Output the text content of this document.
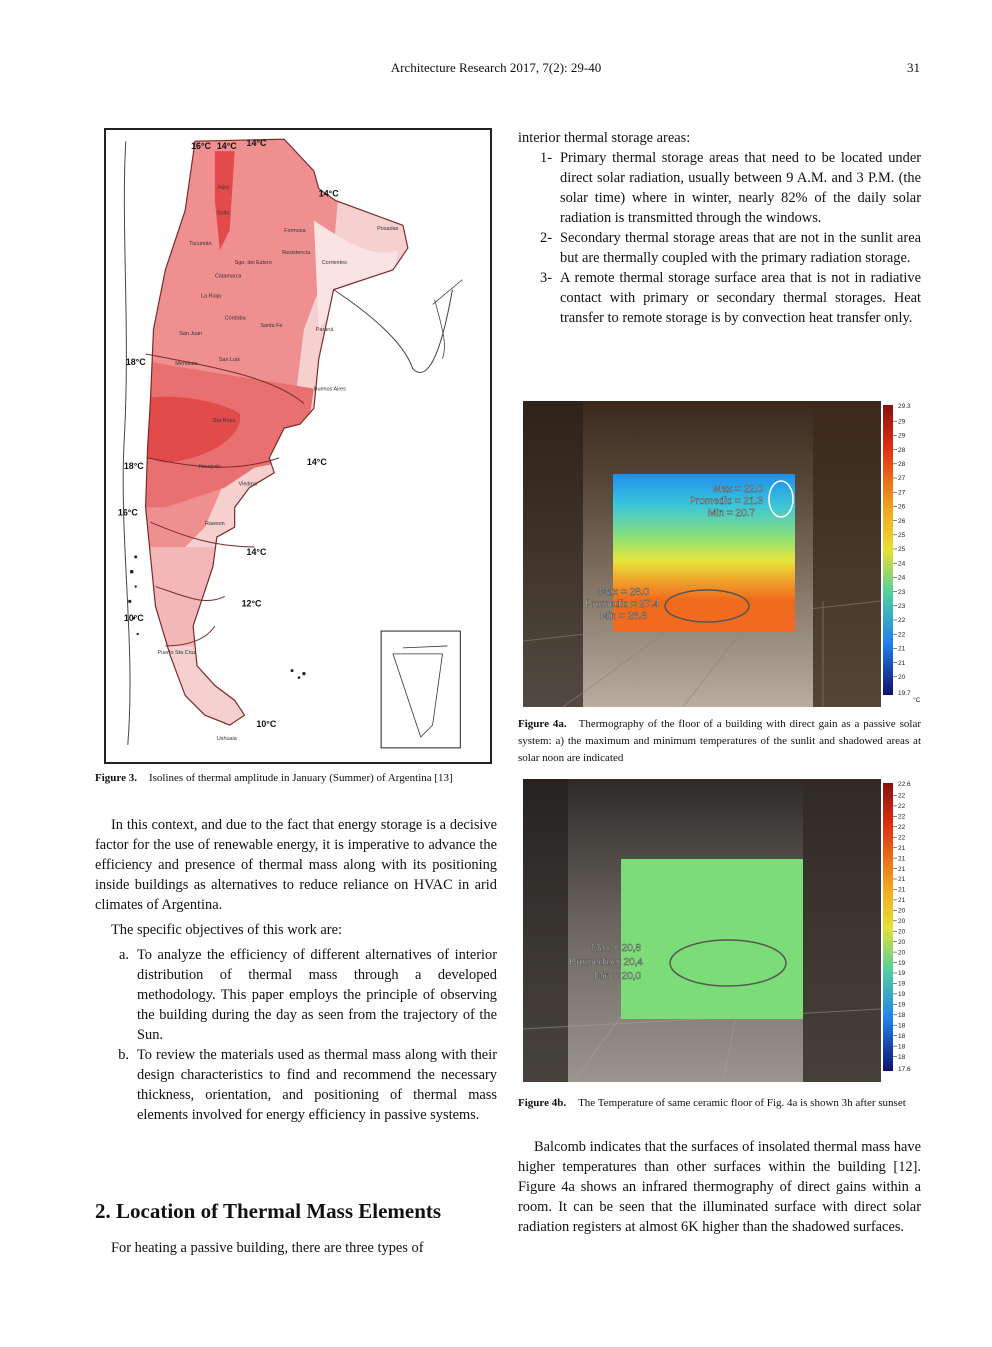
Architecture Research 2017, 7(2): 29-40	31
16°C 14°C 14°C
14°C
18°C
18°C	14°C
16°C
14°C
12°C
10°C
10°C
Jujuy
Salta
Formosa
Tucumán
Resistencia
Sgo. del Estero	Corrientes
Posadas
Catamarca
La Rioja
Córdoba
Santa Fe
Paraná
San Juan
Mendoza
San Luis
Buenos Aires
Sta Rosa
Neuquén
Viedma
Rawson
Puerto Sta Cruz
Ushuaia
Figure 3. Isolines of thermal amplitude in January (Summer) of Argentina [13]

In this context, and due to the fact that energy storage is a decisive factor for the use of renewable energy, it is imperative to advance the efficiency and presence of thermal mass along with its positioning inside buildings as alternatives to reduce reliance on HVAC in arid climates of Argentina.

The specific objectives of this work are:

a. To analyze the efficiency of different alternatives of interior distribution of thermal mass through a developed methodology. This paper employs the principle of observing the building during the day as seen from the trajectory of the Sun.
b. To review the materials used as thermal mass along with their design characteristics to find and recommend the necessary thickness, orientation, and positioning of thermal mass elements involved for energy efficiency in passive systems.
2. Location of Thermal Mass Elements

For heating a passive building, there are three types of

interior thermal storage areas:

1- Primary thermal storage areas that need to be located under direct solar radiation, usually between 9 A.M. and 3 P.M. (the solar time) where in winter, nearly 82% of the daily solar radiation is transmitted through the windows.
2- Secondary thermal storage areas that are not in the sunlit area but are thermally coupled with the primary radiation storage.
3- A remote thermal storage surface area that is not in radiative contact with primary or secondary thermal storages. Heat transfer to remote storage is by convection heat transfer only.
Max = 22.0
Promedio = 21.3
Min = 20.7
Max = 28.0
Promedio = 27.4
Min = 26.8
29.3
19.7
°C
29
29
28
28
27
27
26
26
25
25
24
24
23
23
22
22
21
21
20
Figure 4a. Thermography of the floor of a building with direct gain as a passive solar system: a) the maximum and minimum temperatures of the sunlit and shadowed areas at solar noon are indicated
Max = 20,8
Promedio = 20,4
Min = 20,0
22.6
17.6
22
22
22
22
22
21
21
21
21
21
21
20
20
20
20
20
19
19
19
19
19
18
18
18
18
18
Figure 4b. The Temperature of same ceramic floor of Fig. 4a is shown 3h after sunset

Balcomb indicates that the surfaces of insolated thermal mass have higher temperatures than other surfaces within the building [12]. Figure 4a shows an infrared thermography of direct gains within a room. It can be seen that the illuminated surface with direct solar radiation registers at almost 6K higher than the shadowed surfaces.
